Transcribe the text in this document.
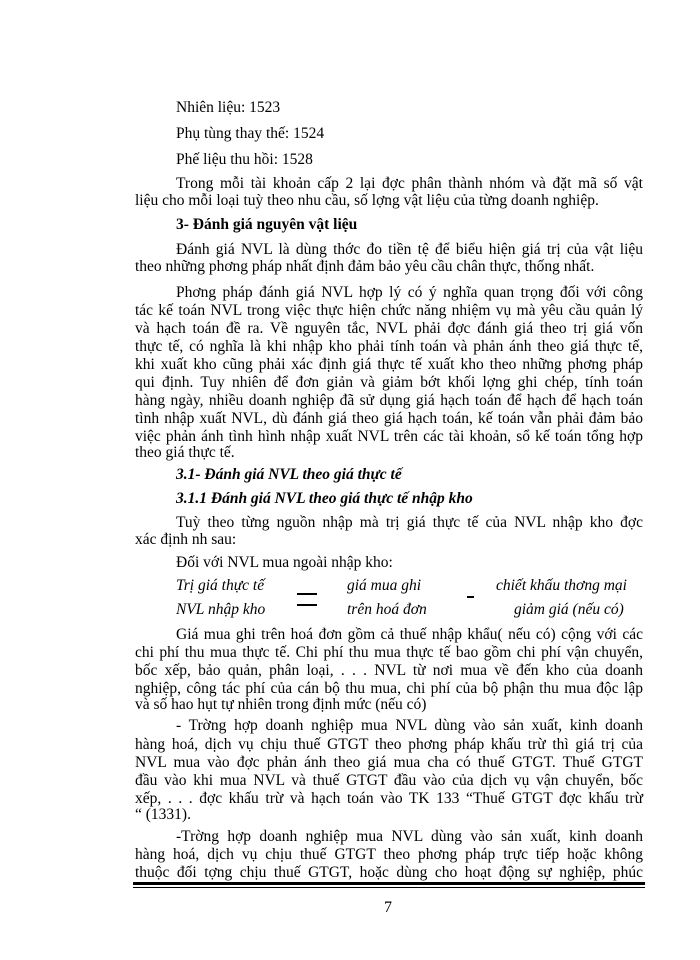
Nhiên liệu: 1523
Phụ tùng thay thế: 1524
Phế liệu thu hồi: 1528
Trong mỗi tài khoản cấp 2 lại đợc phân thành nhóm và đặt mã số vật
liệu cho mỗi loại tuỳ theo nhu cầu, số lợng vật liệu của từng doanh nghiệp.
3- Đánh giá nguyên vật liệu
Đánh giá NVL là dùng thớc đo tiền tệ để biểu hiện giá trị của vật liệu
theo những phơng pháp nhất định đảm bảo yêu cầu chân thực, thống nhất.
Phơng pháp đánh giá NVL hợp lý có ý nghĩa quan trọng đối với công
tác kế toán NVL trong việc thực hiện chức năng nhiệm vụ mà yêu cầu quản lý
và hạch toán đề ra. Về nguyên tắc, NVL phải đợc đánh giá theo trị giá vốn
thực tế, có nghĩa là khi nhập kho phải tính toán và phản ánh theo giá thực tế,
khi xuất kho cũng phải xác định giá thực tế xuất kho theo những phơng pháp
qui định. Tuy nhiên để đơn giản và giảm bớt khối lợng ghi chép, tính toán
hàng ngày, nhiều doanh nghiệp đã sử dụng giá hạch toán để hạch để hạch toán
tình nhập xuất NVL, dù đánh giá theo giá hạch toán, kế toán vẫn phải đảm bảo
việc phản ánh tình hình nhập xuất NVL trên các tài khoản, sổ kế toán tổng hợp
theo giá thực tế.
3.1- Đánh giá NVL theo giá thực tế
3.1.1 Đánh giá NVL theo giá thực tế nhập kho
Tuỳ theo từng nguồn nhập mà trị giá thực tế của NVL nhập kho đợc
xác định nh sau:
Đối với NVL mua ngoài nhập kho:
Trị giá thực tế
NVL nhập kho
giá mua ghi
trên hoá đơn
chiết khấu thơng mại
giảm giá (nếu có)
Giá mua ghi trên hoá đơn gồm cả thuế nhập khẩu( nếu có) cộng với các
chi phí thu mua thực tế. Chi phí thu mua thực tế bao gồm chi phí vận chuyển,
bốc xếp, bảo quản, phân loại, . . . NVL từ nơi mua về đến kho của doanh
nghiệp, công tác phí của cán bộ thu mua, chi phí của bộ phận thu mua độc lập
và số hao hụt tự nhiên trong định mức (nếu có)
- Trờng hợp doanh nghiệp mua NVL dùng vào sản xuất, kinh doanh
hàng hoá, dịch vụ chịu thuế GTGT theo phơng pháp khấu trừ thì giá trị của
NVL mua vào đợc phản ánh theo giá mua cha có thuế GTGT. Thuế GTGT
đầu vào khi mua NVL và thuế GTGT đầu vào của dịch vụ vận chuyển, bốc
xếp, . . . đợc khấu trừ và hạch toán vào TK 133 “Thuế GTGT đợc khấu trừ
“ (1331).
-Trờng hợp doanh nghiệp mua NVL dùng vào sản xuất, kinh doanh
hàng hoá, dịch vụ chịu thuế GTGT theo phơng pháp trực tiếp hoặc không
thuộc đối tợng chịu thuế GTGT, hoặc dùng cho hoạt động sự nghiệp, phúc
7
